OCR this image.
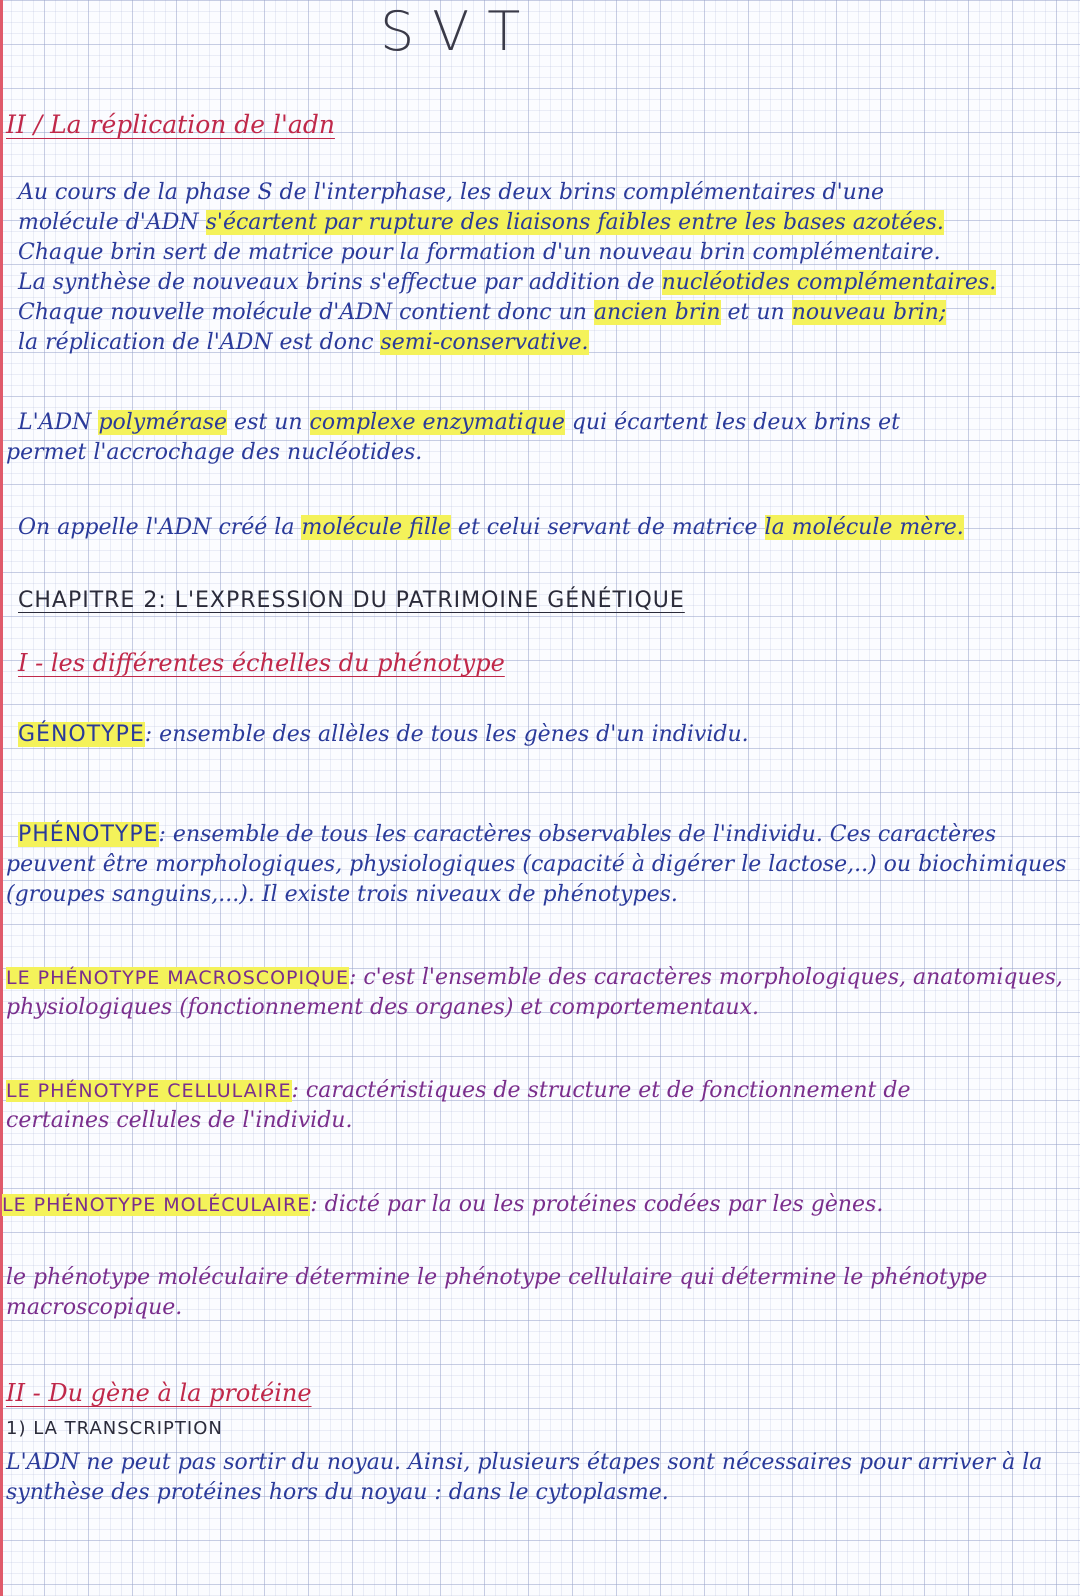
SVT
II / La réplication de l'adn
Au cours de la phase S de l'interphase, les deux brins complémentaires d'une
molécule d'ADN s'écartent par rupture des liaisons faibles entre les bases azotées.
Chaque brin sert de matrice pour la formation d'un nouveau brin complémentaire.
La synthèse de nouveaux brins s'effectue par addition de nucléotides complémentaires.
Chaque nouvelle molécule d'ADN contient donc un ancien brin et un nouveau brin;
la réplication de l'ADN est donc semi-conservative.
L'ADN polymérase est un complexe enzymatique qui écartent les deux brins et
permet l'accrochage des nucléotides.
On appelle l'ADN créé la molécule fille et celui servant de matrice la molécule mère.
CHAPITRE 2: L'EXPRESSION DU PATRIMOINE GÉNÉTIQUE
I - les différentes échelles du phénotype
GÉNOTYPE: ensemble des allèles de tous les gènes d'un individu.
PHÉNOTYPE: ensemble de tous les caractères observables de l'individu. Ces caractères
peuvent être morphologiques, physiologiques (capacité à digérer le lactose,..) ou biochimiques
(groupes sanguins,...). Il existe trois niveaux de phénotypes.
LE PHÉNOTYPE MACROSCOPIQUE: c'est l'ensemble des caractères morphologiques, anatomiques,
physiologiques (fonctionnement des organes) et comportementaux.
LE PHÉNOTYPE CELLULAIRE: caractéristiques de structure et de fonctionnement de
certaines cellules de l'individu.
LE PHÉNOTYPE MOLÉCULAIRE: dicté par la ou les protéines codées par les gènes.
le phénotype moléculaire détermine le phénotype cellulaire qui détermine le phénotype
macroscopique.
II - Du gène à la protéine
1) LA TRANSCRIPTION
L'ADN ne peut pas sortir du noyau. Ainsi, plusieurs étapes sont nécessaires pour arriver à la
synthèse des protéines hors du noyau : dans le cytoplasme.
